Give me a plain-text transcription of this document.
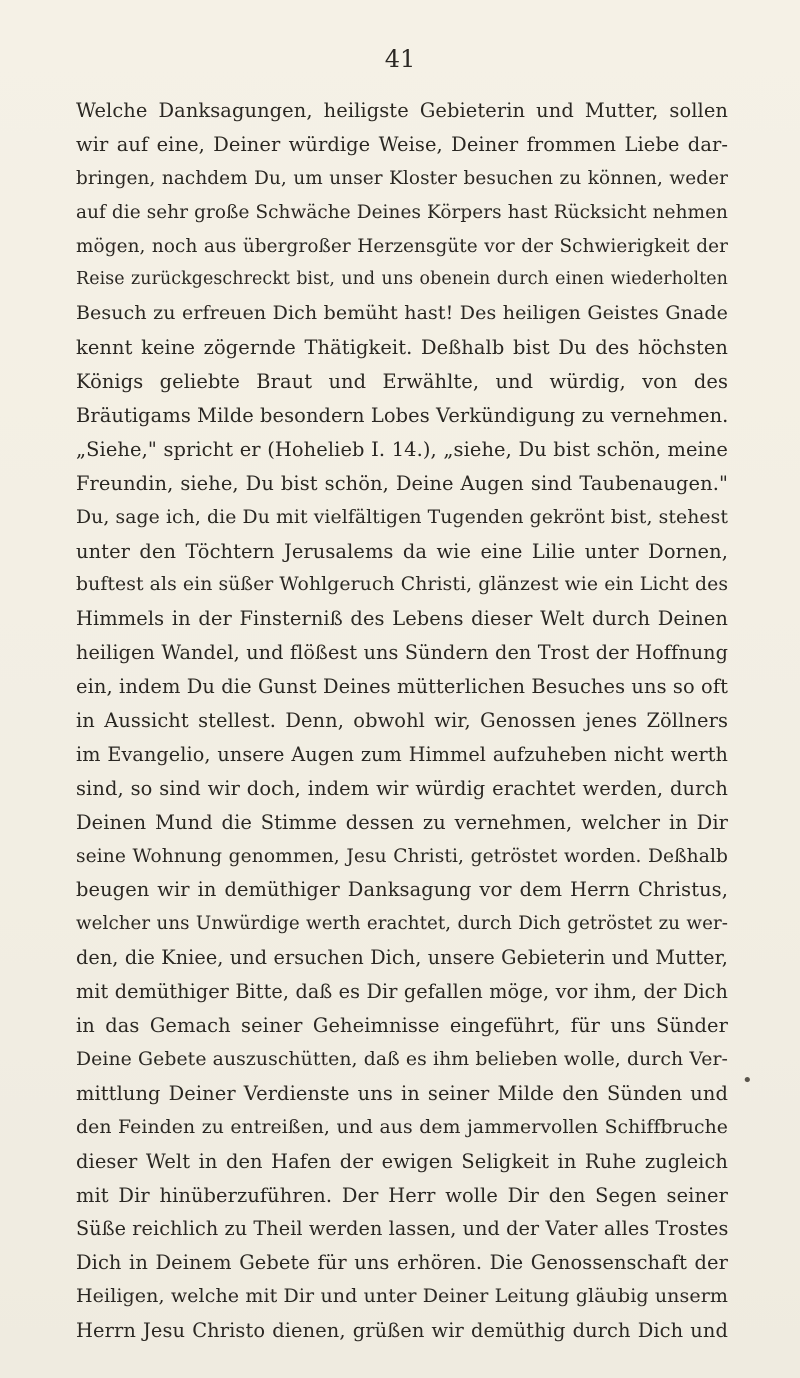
41
Welche Danksagungen, heiligste Gebieterin und Mutter, sollen
wir auf eine, Deiner würdige Weise, Deiner frommen Liebe dar-
bringen, nachdem Du, um unser Kloster besuchen zu können, weder
auf die sehr große Schwäche Deines Körpers hast Rücksicht nehmen
mögen, noch aus übergroßer Herzensgüte vor der Schwierigkeit der
Reise zurückgeschreckt bist, und uns obenein durch einen wiederholten
Besuch zu erfreuen Dich bemüht hast! Des heiligen Geistes Gnade
kennt keine zögernde Thätigkeit. Deßhalb bist Du des höchsten
Königs geliebte Braut und Erwählte, und würdig, von des
Bräutigams Milde besondern Lobes Verkündigung zu vernehmen.
„Siehe," spricht er (Hoheliеb I. 14.), „siehe, Du bist schön, meine
Freundin, siehe, Du bist schön, Deine Augen sind Taubenaugen."
Du, sage ich, die Du mit vielfältigen Tugenden gekrönt bist, stehest
unter den Töchtern Jerusalems da wie eine Lilie unter Dornen,
buftest als ein süßer Wohlgeruch Christi, glänzest wie ein Licht des
Himmels in der Finsterniß des Lebens dieser Welt durch Deinen
heiligen Wandel, und flößest uns Sündern den Trost der Hoffnung
ein, indem Du die Gunst Deines mütterlichen Besuches uns so oft
in Aussicht stellest. Denn, obwohl wir, Genossen jenes Zöllners
im Evangelio, unsere Augen zum Himmel aufzuheben nicht werth
sind, so sind wir doch, indem wir würdig erachtet werden, durch
Deinen Mund die Stimme dessen zu vernehmen, welcher in Dir
seine Wohnung genommen, Jesu Christi, getröstet worden. Deßhalb
beugen wir in demüthiger Danksagung vor dem Herrn Christus,
welcher uns Unwürdige werth erachtet, durch Dich getröstet zu wer-
den, die Kniee, und ersuchen Dich, unsere Gebieterin und Mutter,
mit demüthiger Bitte, daß es Dir gefallen möge, vor ihm, der Dich
in das Gemach seiner Geheimnisse eingeführt, für uns Sünder
Deine Gebete auszuschütten, daß es ihm belieben wolle, durch Ver-
mittlung Deiner Verdienste uns in seiner Milde den Sünden und
den Feinden zu entreißen, und aus dem jammervollen Schiffbruche
dieser Welt in den Hafen der ewigen Seligkeit in Ruhe zugleich
mit Dir hinüberzuführen. Der Herr wolle Dir den Segen seiner
Süße reichlich zu Theil werden lassen, und der Vater alles Trostes
Dich in Deinem Gebete für uns erhören. Die Genossenschaft der
Heiligen, welche mit Dir und unter Deiner Leitung gläubig unserm
Herrn Jesu Christo dienen, grüßen wir demüthig durch Dich und
•
